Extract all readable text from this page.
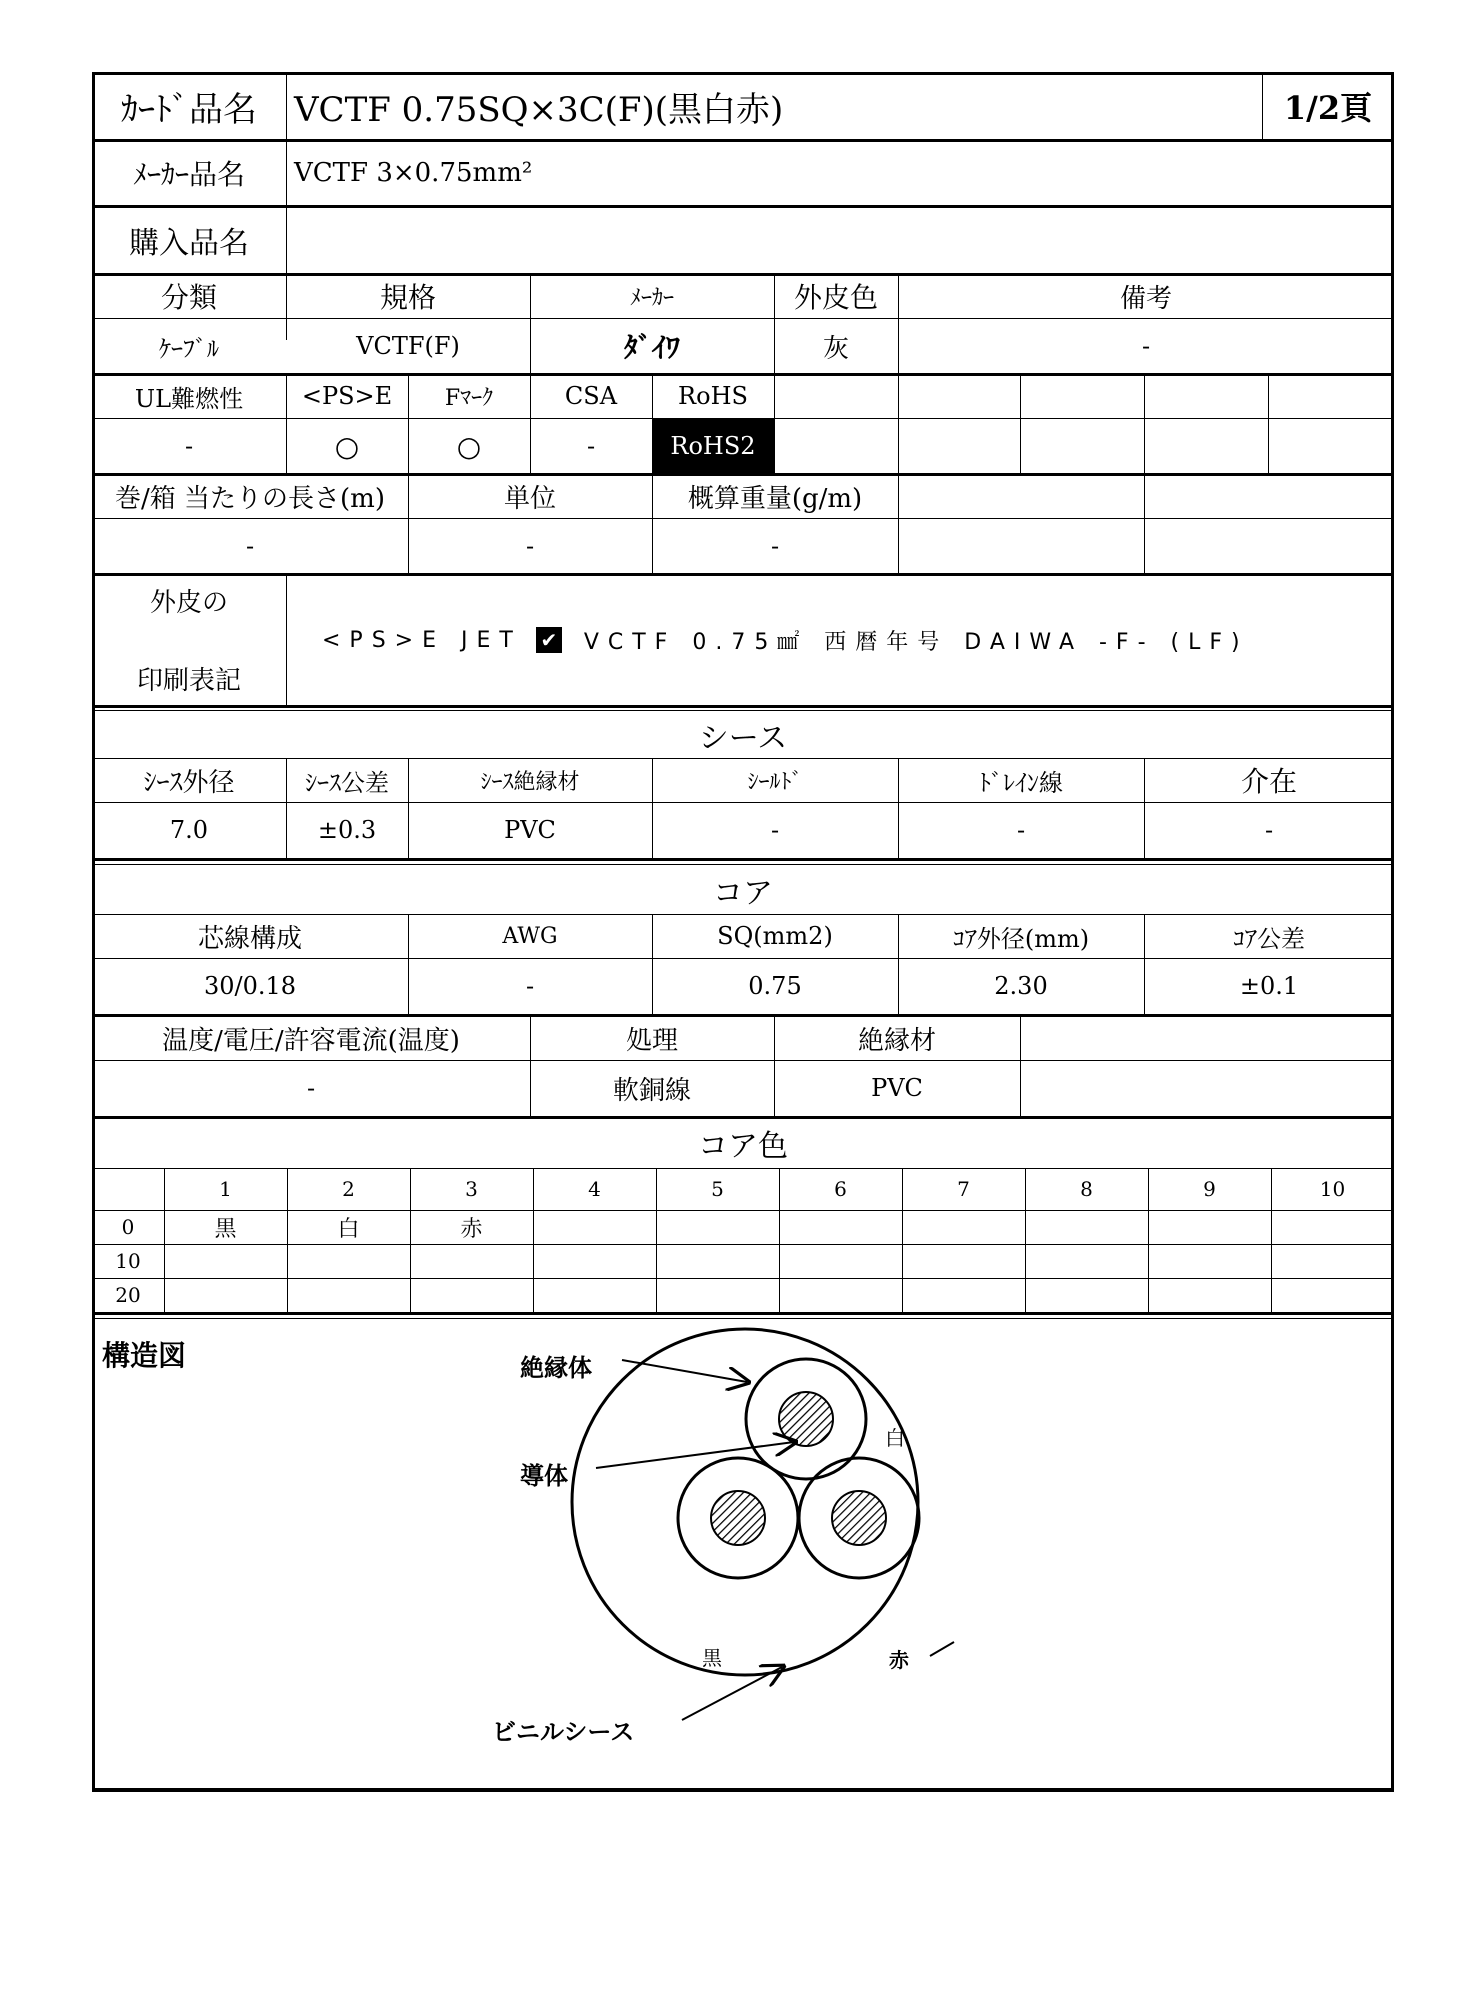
ｶｰﾄﾞ品名	VCTF 0.75SQ×3C(F)(黒白赤)	1/2頁
ﾒｰｶｰ品名	VCTF 3×0.75mm²
購入品名
分類	規格	ﾒｰｶｰ	外皮色	備考
ｹｰﾌﾞﾙ	VCTF(F)	ﾀﾞｲﾜ	灰	-
UL難燃性	<PS>E	Fﾏｰｸ	CSA	RoHS
-	○	○	-	RoHS2
巻/箱 当たりの長さ(m)	単位	概算重量(g/m)
-	-	-
外皮の
印刷表記
<PS>E JET ✔ VCTF 0.75㎟ 西暦年号 DAIWA -F- (LF)
シース
ｼｰｽ外径	ｼｰｽ公差	ｼｰｽ絶縁材	ｼｰﾙﾄﾞ	ﾄﾞﾚｲﾝ線	介在
7.0	±0.3	PVC	-	-	-
コア
芯線構成	AWG	SQ(mm2)	ｺｱ外径(mm)	ｺｱ公差
30/0.18	-	0.75	2.30	±0.1
温度/電圧/許容電流(温度)	処理	絶縁材
-	軟銅線	PVC
コア色
1	2	3	4	5	6	7	8	9	10
0	黒	白	赤
10
20
構造図	絶縁体
導体
ビニルシース
白
黒	赤
